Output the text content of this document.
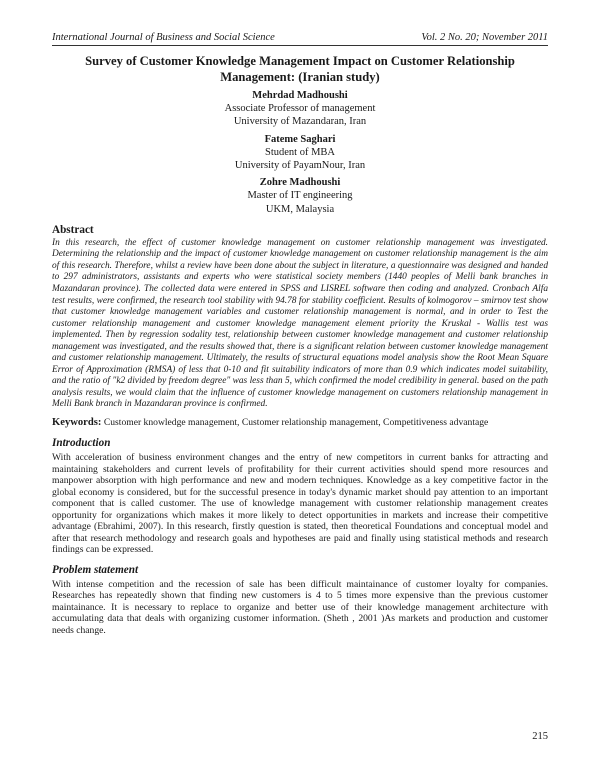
International Journal of Business and Social Science	Vol. 2 No. 20; November 2011
Survey of Customer Knowledge Management Impact on Customer Relationship Management: (Iranian study)
Mehrdad Madhoushi
Associate Professor of management
University of Mazandaran, Iran
Fateme Saghari
Student of MBA
University of PayamNour, Iran
Zohre Madhoushi
Master of IT engineering
UKM, Malaysia
Abstract
In this research, the effect of customer knowledge management on customer relationship management was investigated. Determining the relationship and the impact of customer knowledge management on customer relationship management is the aim of this research. Therefore, whilst a review have been done about the subject in literature, a questionnaire was designed and handed to 297 administrators, assistants and experts who were statistical society members (1440 peoples of Melli bank branches in Mazandaran province). The collected data were entered in SPSS and LISREL software then coding and analyzed. Cronbach Alfa test results, were confirmed, the research tool stability with 94.78 for stability coefficient. Results of kolmogorov – smirnov test show that customer knowledge management variables and customer relationship management is normal, and in order to Test the customer relationship management and customer knowledge management element priority the Kruskal - Wallis test was implemented. Then by regression sodality test, relationship between customer knowledge management and customer relationship management was investigated, and the results showed that, there is a significant relation between customer knowledge management and customer relationship management. Ultimately, the results of structural equations model analysis show the Root Mean Square Error of Approximation (RMSA) of less that 0-10 and fit suitability indicators of more than 0.9 which indicates model suitability, and the ratio of "k2 divided by freedom degree" was less than 5, which confirmed the model credibility in general. based on the path analysis results, we would claim that the influence of customer knowledge management on customers relationship management in Melli Bank branch in Mazandaran province is confirmed.
Keywords: Customer knowledge management, Customer relationship management, Competitiveness advantage
Introduction
With acceleration of business environment changes and the entry of new competitors in current banks for attracting and maintaining stakeholders and current levels of profitability for their current activities should spend more resources and manpower absorption with high performance and new and modern techniques. Knowledge as a key competitive factor in the global economy is considered, but for the successful presence in today's dynamic market should pay attention to an important component that is called customer. The use of knowledge management with customer relationship management creates opportunity for organizations which makes it more likely to detect opportunities in markets and increase their competitive advantage (Ebrahimi, 2007). In this research, firstly question is stated, then theoretical Foundations and conceptual model and after that research methodology and research goals and hypotheses are paid and finally using statistical methods and research findings can be expressed.
Problem statement
With intense competition and the recession of sale has been difficult maintainance of customer loyalty for companies. Researches has repeatedly shown that finding new customers is 4 to 5 times more expensive than the previous customer maintainance. It is necessary to replace to organize and better use of their knowledge management architecture with accumulating data that deals with organizing customer information. (Sheth , 2001 )As markets and production and customer needs change.
215
